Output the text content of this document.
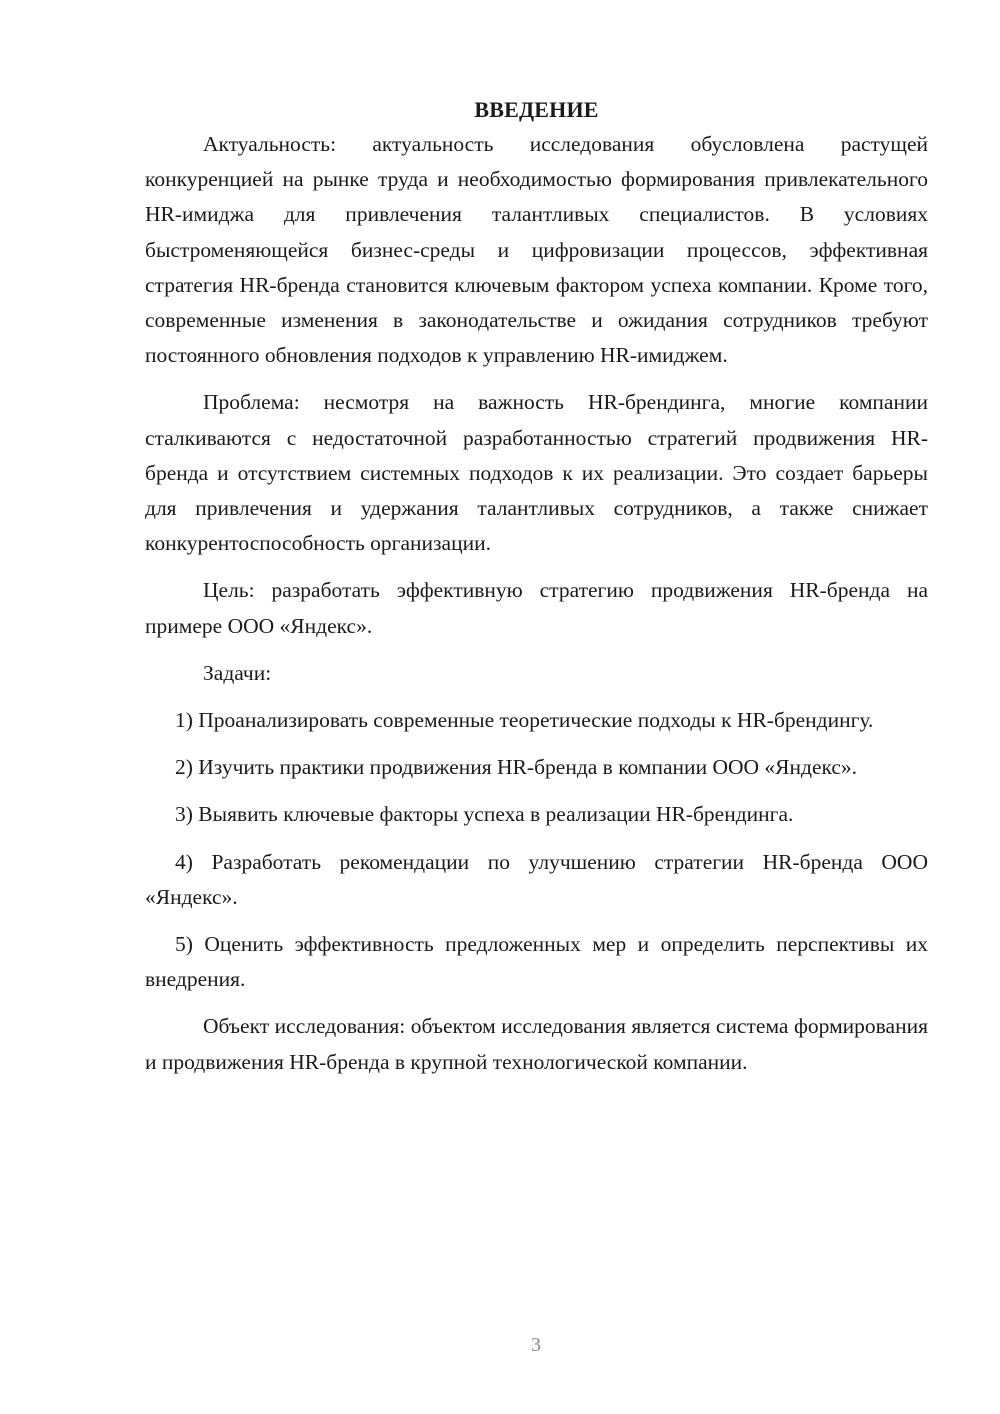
ВВЕДЕНИЕ

Актуальность: актуальность исследования обусловлена растущей конкуренцией на рынке труда и необходимостью формирования привлекательного HR-имиджа для привлечения талантливых специалистов. В условиях быстроменяющейся бизнес-среды и цифровизации процессов, эффективная стратегия HR-бренда становится ключевым фактором успеха компании. Кроме того, современные изменения в законодательстве и ожидания сотрудников требуют постоянного обновления подходов к управлению HR-имиджем.

Проблема: несмотря на важность HR-брендинга, многие компании сталкиваются с недостаточной разработанностью стратегий продвижения HR-бренда и отсутствием системных подходов к их реализации. Это создает барьеры для привлечения и удержания талантливых сотрудников, а также снижает конкурентоспособность организации.

Цель: разработать эффективную стратегию продвижения HR-бренда на примере ООО «Яндекс».

Задачи:

1) Проанализировать современные теоретические подходы к HR-брендингу.

2) Изучить практики продвижения HR-бренда в компании ООО «Яндекс».

3) Выявить ключевые факторы успеха в реализации HR-брендинга.

4) Разработать рекомендации по улучшению стратегии HR-бренда ООО «Яндекс».

5) Оценить эффективность предложенных мер и определить перспективы их внедрения.

Объект исследования: объектом исследования является система формирования и продвижения HR-бренда в крупной технологической компании.

3
